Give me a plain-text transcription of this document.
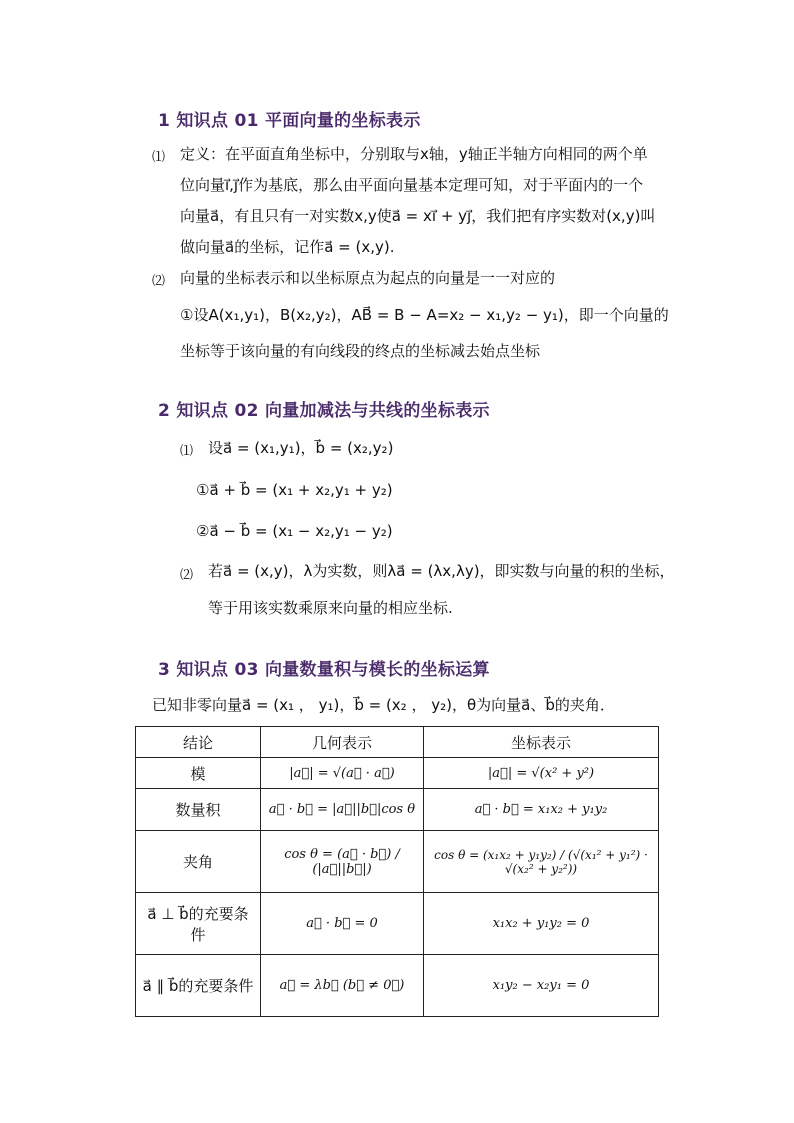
1 知识点 01 平面向量的坐标表示
⑴ 定义：在平面直角坐标中，分别取与x轴，y轴正半轴方向相同的两个单
位向量i⃗,j⃗作为基底，那么由平面向量基本定理可知，对于平面内的一个
向量a⃗，有且只有一对实数x,y使a⃗ = xi⃗ + yj⃗，我们把有序实数对(x,y)叫
做向量a⃗的坐标，记作a⃗ = (x,y).
⑵ 向量的坐标表示和以坐标原点为起点的向量是一一对应的
①设A(x₁,y₁)，B(x₂,y₂)，AB⃗ = B − A=x₂ − x₁,y₂ − y₁)，即一个向量的
坐标等于该向量的有向线段的终点的坐标减去始点坐标
2 知识点 02 向量加减法与共线的坐标表示
⑴ 设a⃗ = (x₁,y₁)，b⃗ = (x₂,y₂)
①a⃗ + b⃗ = (x₁ + x₂,y₁ + y₂)
②a⃗ − b⃗ = (x₁ − x₂,y₁ − y₂)
⑵ 若a⃗ = (x,y)，λ为实数，则λa⃗ = (λx,λy)，即实数与向量的积的坐标，
等于用该实数乘原来向量的相应坐标.
3 知识点 03 向量数量积与模长的坐标运算
已知非零向量a⃗ = (x₁ ， y₁)，b⃗ = (x₂ ， y₂)，θ为向量a⃗、b⃗的夹角．
结论	几何表示	坐标表示
模	|a⃗| = √(a⃗ · a⃗)	|a⃗| = √(x² + y²)
数量积	a⃗ · b⃗ = |a⃗||b⃗|cos θ	a⃗ · b⃗ = x₁x₂ + y₁y₂
夹角	cos θ = (a⃗ · b⃗) / (|a⃗||b⃗|)	cos θ = (x₁x₂ + y₁y₂) / (√(x₁² + y₁²) · √(x₂² + y₂²))
a⃗ ⊥ b⃗的充要条件	a⃗ · b⃗ = 0	x₁x₂ + y₁y₂ = 0
a⃗ ∥ b⃗的充要条件	a⃗ = λb⃗ (b⃗ ≠ 0⃗)	x₁y₂ − x₂y₁ = 0
